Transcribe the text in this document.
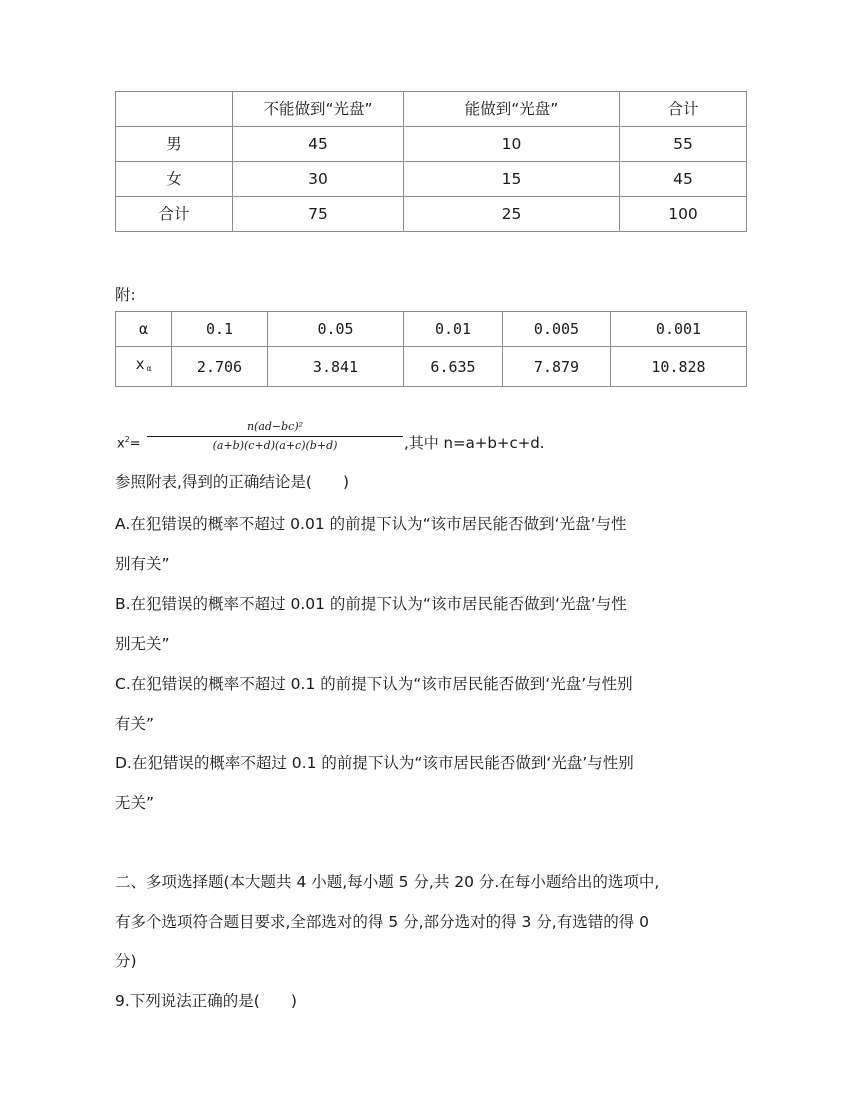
	不能做到“光盘”	能做到“光盘”	合计
男	45	10	55
女	30	15	45
合计	75	25	100
附:
α	0.1	0.05	0.01	0.005	0.001
x $_\alpha$	2.706	3.841	6.635	7.879	10.828
$x^2=$
n(ad−bc)²
(a+b)(c+d)(a+c)(b+d)	,其中 n=a+b+c+d.
参照附表,得到的正确结论是(　　)
A.在犯错误的概率不超过 0.01 的前提下认为“该市居民能否做到‘光盘’与性
别有关”
B.在犯错误的概率不超过 0.01 的前提下认为“该市居民能否做到‘光盘’与性
别无关”
C.在犯错误的概率不超过 0.1 的前提下认为“该市居民能否做到‘光盘’与性别
有关”
D.在犯错误的概率不超过 0.1 的前提下认为“该市居民能否做到‘光盘’与性别
无关”
二、多项选择题(本大题共 4 小题,每小题 5 分,共 20 分.在每小题给出的选项中,
有多个选项符合题目要求,全部选对的得 5 分,部分选对的得 3 分,有选错的得 0
分)
9.下列说法正确的是(　　)
